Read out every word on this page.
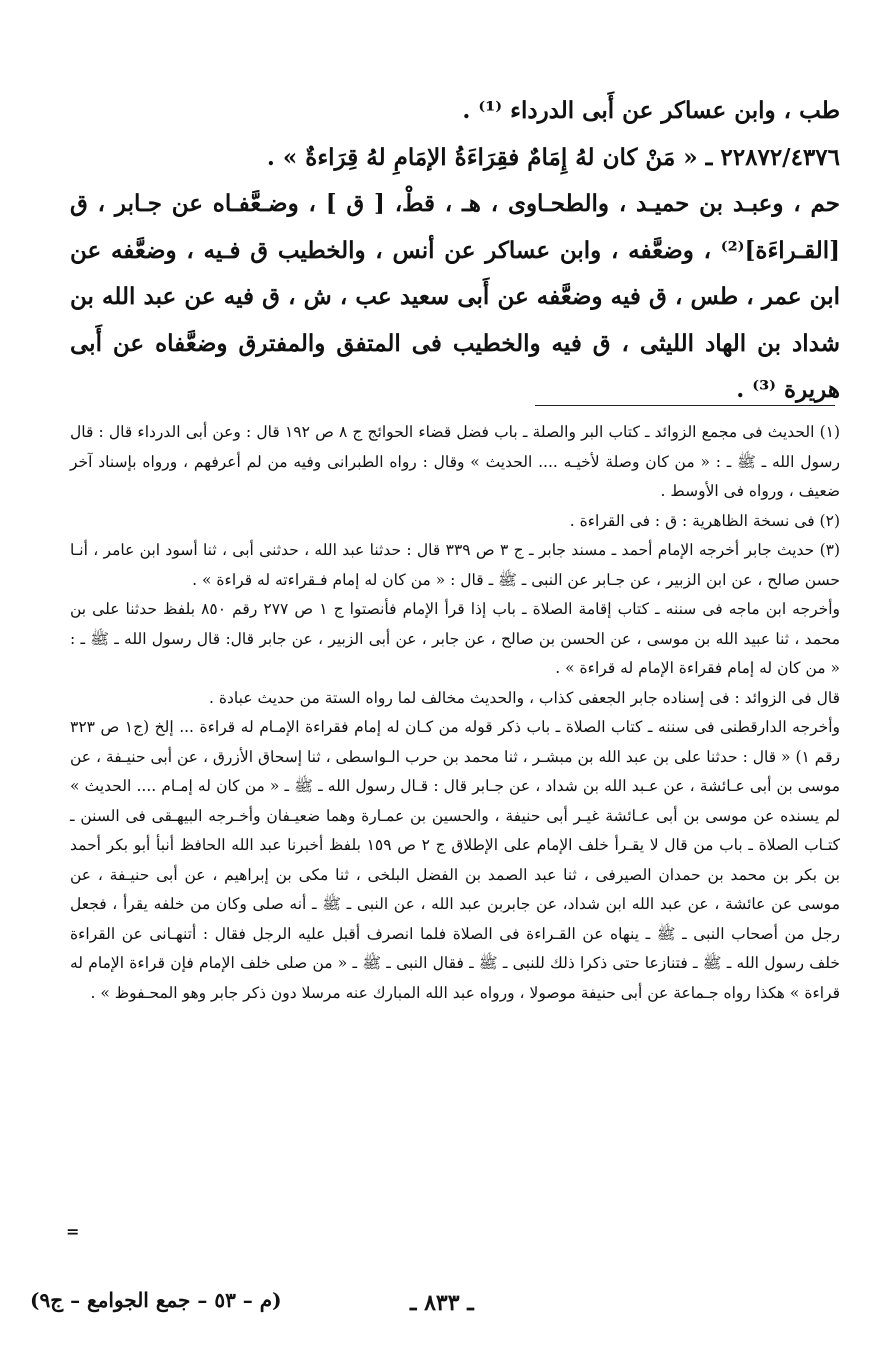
طب ، وابن عساكر عن أَبى الدرداء ⁽¹⁾ .

٢٢٨٧٢/٤٣٧٦ ـ « مَنْ كان لهُ إِمَامٌ فقِرَاءَةُ الإمَامِ لهُ قِرَاءةٌ » .

حم ، وعبـد بن حميـد ، والطحـاوى ، هـ ، قطْ، [ ق ] ، وضـعَّفـاه عن جـابر ، ق [القـراءَة]⁽²⁾ ، وضعَّفه ، وابن عساكر عن أنس ، والخطيب ق فـيه ، وضعَّفه عن ابن عمر ، طس ، ق فيه وضعَّفه عن أَبى سعيد عب ، ش ، ق فيه عن عبد الله بن شداد بن الهاد الليثى ، ق فيه والخطيب فى المتفق والمفترق وضعَّفاه عن أَبى هريرة ⁽³⁾ .

(١) الحديث فى مجمع الزوائد ـ كتاب البر والصلة ـ باب فضل قضاء الحوائج ج ٨ ص ١٩٢ قال : وعن أبى الدرداء قال : قال رسول الله ـ ﷺ ـ : « من كان وصلة لأخيـه .... الحديث » وقال : رواه الطبرانى وفيه من لم أعرفهم ، ورواه بإسناد آخر ضعيف ، ورواه فى الأوسط .

(٢) فى نسخة الظاهرية : ق : فى القراءة .

(٣) حديث جابر أخرجه الإمام أحمد ـ مسند جابر ـ ج ٣ ص ٣٣٩ قال : حدثنا عبد الله ، حدثنى أبى ، ثنا أسود ابن عامر ، أنـا حسن صالح ، عن ابن الزبير ، عن جـابر عن النبى ـ ﷺ ـ قال : « من كان له إمام فـقراءته له قراءة » .

وأخرجه ابن ماجه فى سننه ـ كتاب إقامة الصلاة ـ باب إذا قرأ الإمام فأنصتوا ج ١ ص ٢٧٧ رقم ٨٥٠ بلفظ حدثنا على بن محمد ، ثنا عبيد الله بن موسى ، عن الحسن بن صالح ، عن جابر ، عن أبى الزبير ، عن جابر قال: قال رسول الله ـ ﷺ ـ : « من كان له إمام فقراءة الإمام له قراءة » .

قال فى الزوائد : فى إسناده جابر الجعفى كذاب ، والحديث مخالف لما رواه الستة من حديث عبادة .

وأخرجه الدارقطنى فى سننه ـ كتاب الصلاة ـ باب ذكر قوله من كـان له إمام فقراءة الإمـام له قراءة ... إلخ (ج١ ص ٣٢٣ رقم ١) « قال : حدثنا على بن عبد الله بن مبشـر ، ثنا محمد بن حرب الـواسطى ، ثنا إسحاق الأزرق ، عن أبى حنيـفة ، عن موسى بن أبى عـائشة ، عن عـبد الله بن شداد ، عن جـابر قال : قـال رسول الله ـ ﷺ ـ « من كان له إمـام .... الحديث » لم يسنده عن موسى بن أبى عـائشة غيـر أبى حنيفة ، والحسين بن عمـارة وهما ضعيـفان وأخـرجه البيهـقى فى السنن ـ كتـاب الصلاة ـ باب من قال لا يقـرأ خلف الإمام على الإطلاق ج ٢ ص ١٥٩ بلفظ أخبرنا عبد الله الحافظ أنبأ أبو بكر أحمد بن بكر بن محمد بن حمدان الصيرفى ، ثنا عبد الصمد بن الفضل البلخى ، ثنا مكى بن إبراهيم ، عن أبى حنيـفة ، عن موسى عن عائشة ، عن عبد الله ابن شداد، عن جابربن عبد الله ، عن النبى ـ ﷺ ـ أنه صلى وكان من خلفه يقرأ ، فجعل رجل من أصحاب النبى ـ ﷺ ـ ينهاه عن القـراءة فى الصلاة فلما انصرف أقبل عليه الرجل فقال : أتنهـانى عن القراءة خلف رسول الله ـ ﷺ ـ فتنازعا حتى ذكرا ذلك للنبى ـ ﷺ ـ فقال النبى ـ ﷺ ـ « من صلى خلف الإمام فإن قراءة الإمام له قراءة » هكذا رواه جـماعة عن أبى حنيفة موصولا ، ورواه عبد الله المبارك عنه مرسلا دون ذكر جابر وهو المحـفوظ » .

=
ـ ٨٣٣ ـ
(م – ٥٣ – جمع الجوامع – ج٩)
